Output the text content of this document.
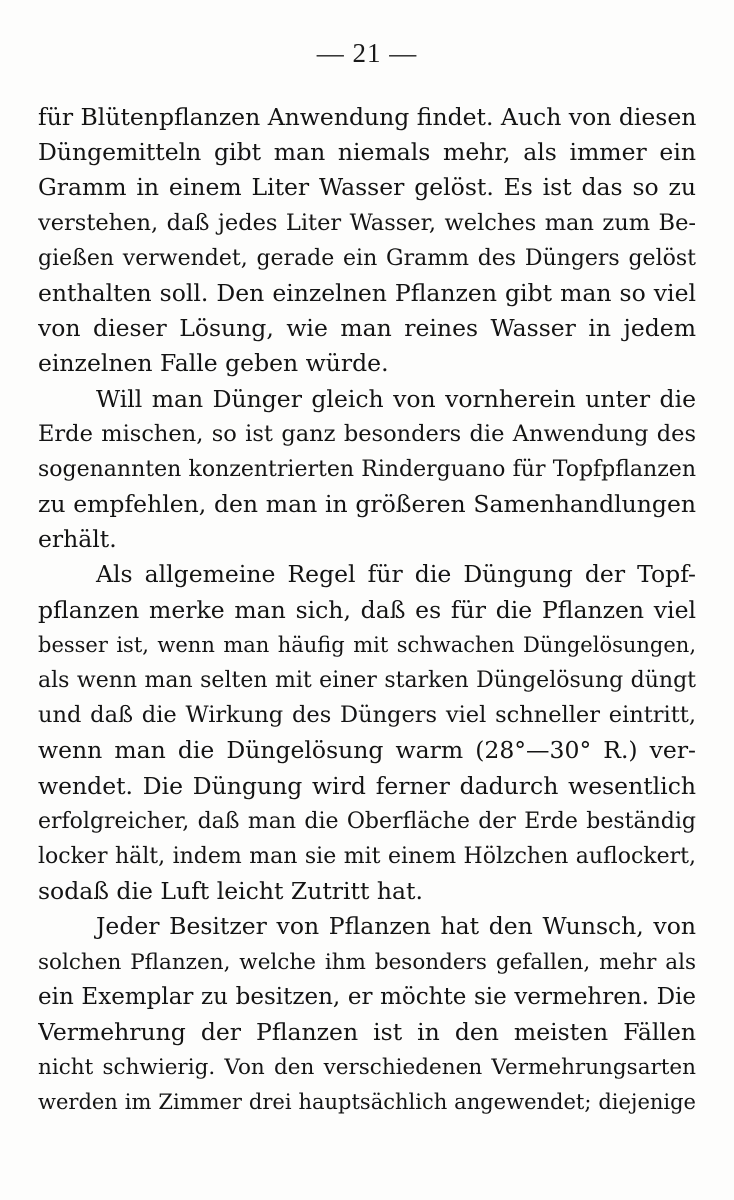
— 21 —
für Blütenpflanzen Anwendung findet. Auch von diesen
Düngemitteln gibt man niemals mehr, als immer ein
Gramm in einem Liter Wasser gelöst. Es ist das so zu
verstehen, daß jedes Liter Wasser, welches man zum Be-
gießen verwendet, gerade ein Gramm des Düngers gelöst
enthalten soll. Den einzelnen Pflanzen gibt man so viel
von dieser Lösung, wie man reines Wasser in jedem
einzelnen Falle geben würde.
Will man Dünger gleich von vornherein unter die
Erde mischen, so ist ganz besonders die Anwendung des
sogenannten konzentrierten Rinderguano für Topfpflanzen
zu empfehlen, den man in größeren Samenhandlungen
erhält.
Als allgemeine Regel für die Düngung der Topf-
pflanzen merke man sich, daß es für die Pflanzen viel
besser ist, wenn man häufig mit schwachen Düngelösungen,
als wenn man selten mit einer starken Düngelösung düngt
und daß die Wirkung des Düngers viel schneller eintritt,
wenn man die Düngelösung warm (28°—30° R.) ver-
wendet. Die Düngung wird ferner dadurch wesentlich
erfolgreicher, daß man die Oberfläche der Erde beständig
locker hält, indem man sie mit einem Hölzchen auflockert,
sodaß die Luft leicht Zutritt hat.
Jeder Besitzer von Pflanzen hat den Wunsch, von
solchen Pflanzen, welche ihm besonders gefallen, mehr als
ein Exemplar zu besitzen, er möchte sie vermehren. Die
Vermehrung der Pflanzen ist in den meisten Fällen
nicht schwierig. Von den verschiedenen Vermehrungsarten
werden im Zimmer drei hauptsächlich angewendet; diejenige
